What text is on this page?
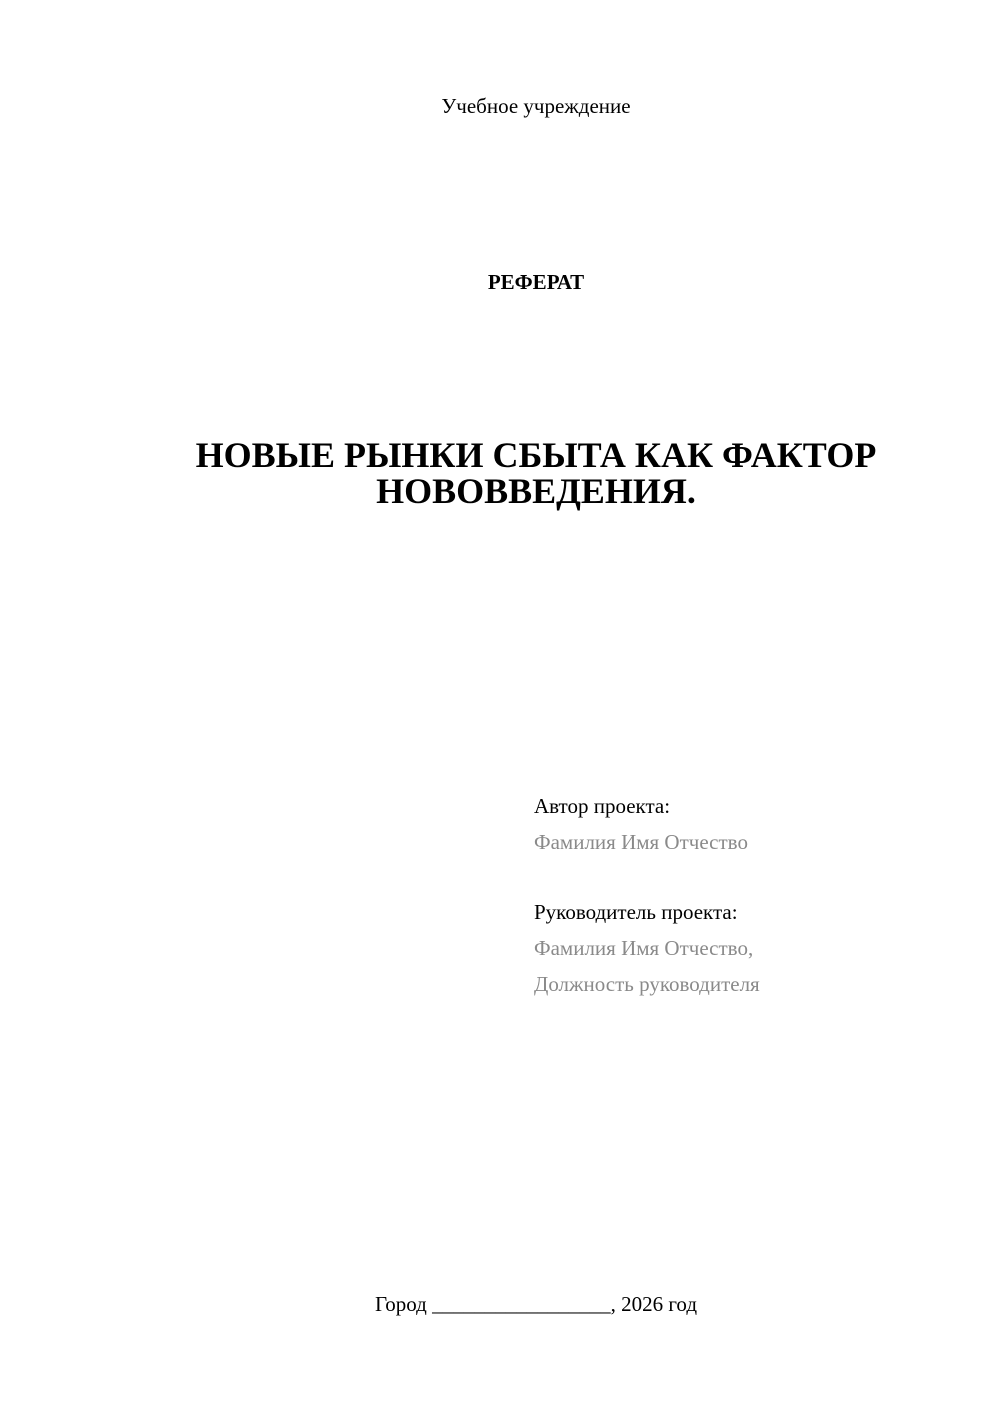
Учебное учреждение
РЕФЕРАТ
НОВЫЕ РЫНКИ СБЫТА КАК ФАКТОР
НОВОВВЕДЕНИЯ.
Автор проекта:
Фамилия Имя Отчество
Руководитель проекта:
Фамилия Имя Отчество,
Должность руководителя
Город _________________, 2026 год
